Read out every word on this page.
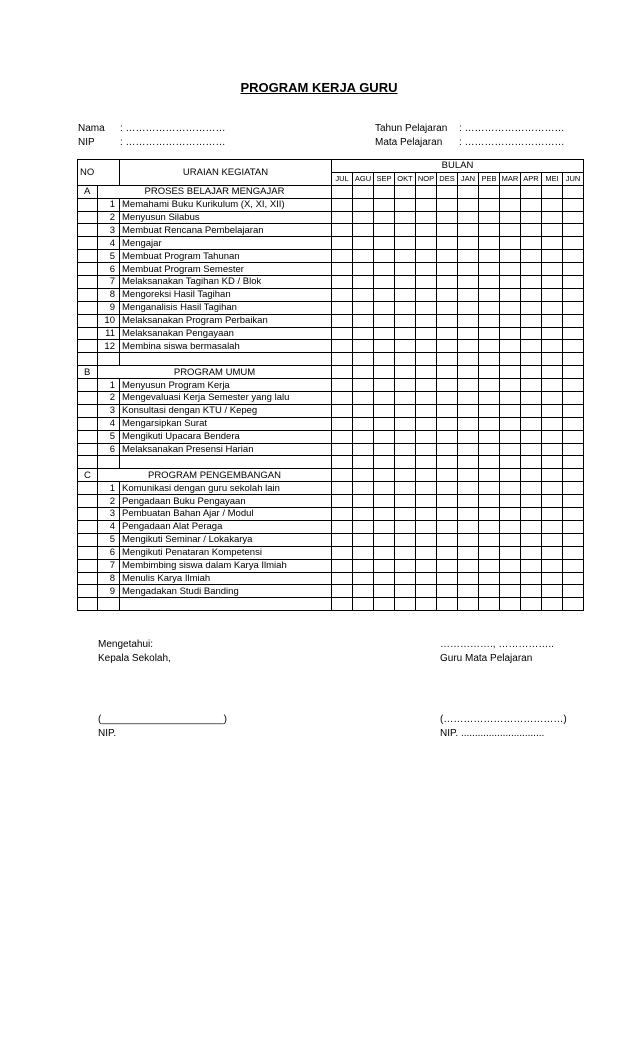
PROGRAM KERJA GURU
Nama	: …………………………
NIP	: …………………………
Tahun Pelajaran	: …………………………
Mata Pelajaran	: …………………………
NO		URAIAN KEGIATAN	BULAN											
			JUL	AGU	SEP	OKT	NOP	DES	JAN	PEB	MAR	APR	MEI	JUN
A	PROSES BELAJAR MENGAJAR													
	1	Memahami Buku Kurikulum (X, XI, XII)												
	2	Menyusun Silabus												
	3	Membuat Rencana Pembelajaran												
	4	Mengajar												
	5	Membuat Program Tahunan												
	6	Membuat Program Semester												
	7	Melaksanakan Tagihan KD / Blok												
	8	Mengoreksi Hasil Tagihan												
	9	Menganalisis Hasil Tagihan												
	10	Melaksanakan Program Perbaikan												
	11	Melaksanakan Pengayaan												
	12	Membina siswa bermasalah												

B	PROGRAM UMUM													
	1	Menyusun Program Kerja												
	2	Mengevaluasi Kerja Semester yang lalu												
	3	Konsultasi dengan KTU / Kepeg												
	4	Mengarsipkan Surat												
	5	Mengikuti Upacara Bendera												
	6	Melaksanakan Presensi Harian												

C	PROGRAM PENGEMBANGAN													
	1	Komunikasi dengan guru sekolah lain												
	2	Pengadaan Buku Pengayaan												
	3	Pembuatan Bahan Ajar / Modul												
	4	Pengadaan Alat Peraga												
	5	Mengikuti Seminar / Lokakarya												
	6	Mengikuti Penataran Kompetensi												
	7	Membimbing siswa dalam Karya Ilmiah												
	8	Menulis Karya Ilmiah												
	9	Mengadakan Studi Banding												

Mengetahui:
Kepala Sekolah,
(______________________)
NIP.
……………., ……………..
Guru Mata Pelajaran
(………………………………)
NIP. ..............................
